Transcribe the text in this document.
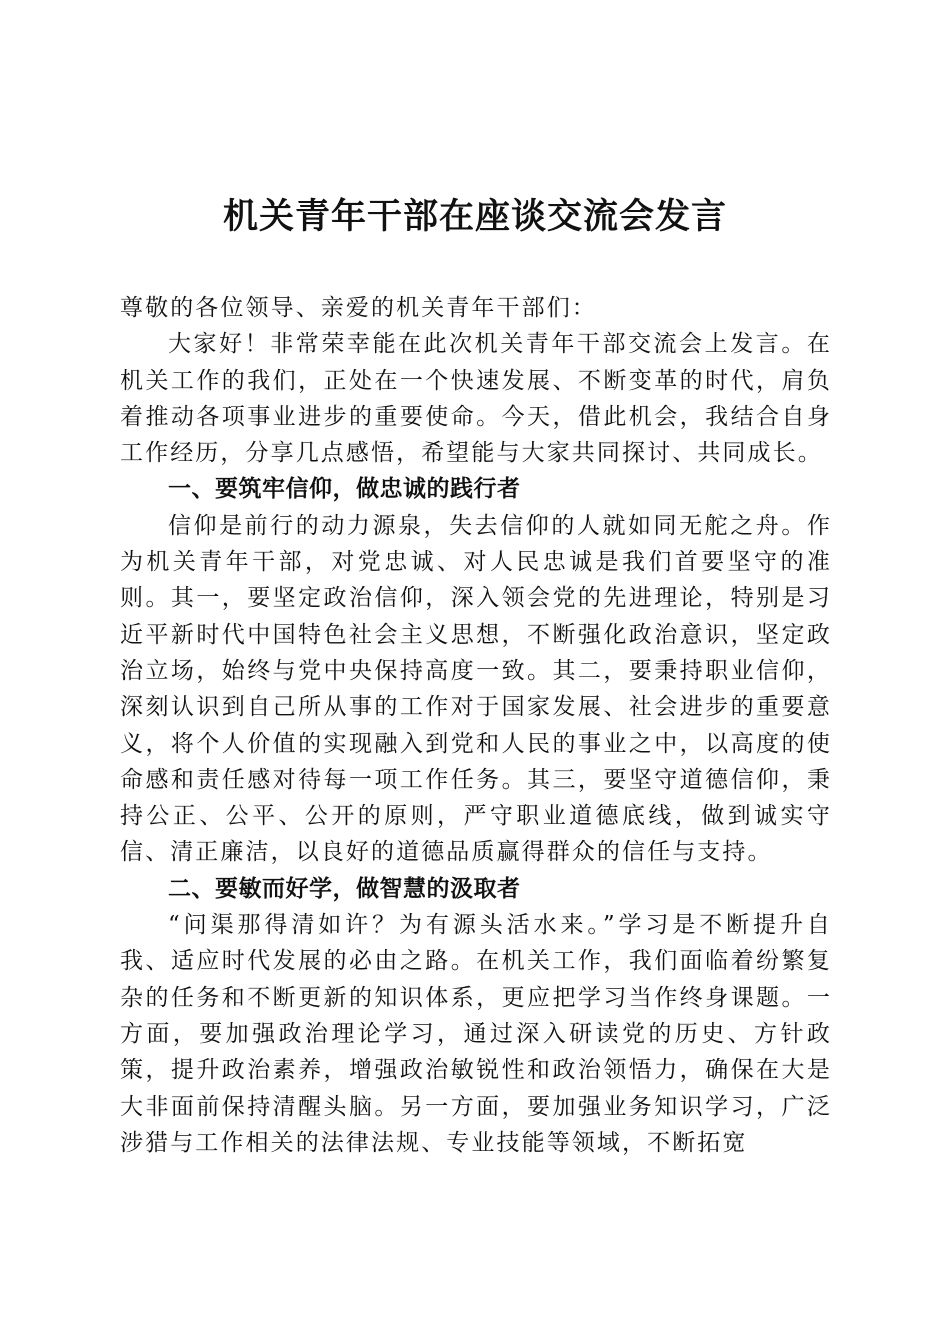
机关青年干部在座谈交流会发言

尊敬的各位领导、亲爱的机关青年干部们：

大家好！非常荣幸能在此次机关青年干部交流会上发言。在机关工作的我们，正处在一个快速发展、不断变革的时代，肩负着推动各项事业进步的重要使命。今天，借此机会，我结合自身工作经历，分享几点感悟，希望能与大家共同探讨、共同成长。

一、要筑牢信仰，做忠诚的践行者

信仰是前行的动力源泉，失去信仰的人就如同无舵之舟。作为机关青年干部，对党忠诚、对人民忠诚是我们首要坚守的准则。其一，要坚定政治信仰，深入领会党的先进理论，特别是习近平新时代中国特色社会主义思想，不断强化政治意识，坚定政治立场，始终与党中央保持高度一致。其二，要秉持职业信仰，深刻认识到自己所从事的工作对于国家发展、社会进步的重要意义，将个人价值的实现融入到党和人民的事业之中，以高度的使命感和责任感对待每一项工作任务。其三，要坚守道德信仰，秉持公正、公平、公开的原则，严守职业道德底线，做到诚实守信、清正廉洁，以良好的道德品质赢得群众的信任与支持。

二、要敏而好学，做智慧的汲取者

“问渠那得清如许？为有源头活水来。”学习是不断提升自我、适应时代发展的必由之路。在机关工作，我们面临着纷繁复杂的任务和不断更新的知识体系，更应把学习当作终身课题。一方面，要加强政治理论学习，通过深入研读党的历史、方针政策，提升政治素养，增强政治敏锐性和政治领悟力，确保在大是大非面前保持清醒头脑。另一方面，要加强业务知识学习，广泛涉猎与工作相关的法律法规、专业技能等领域，不断拓宽
